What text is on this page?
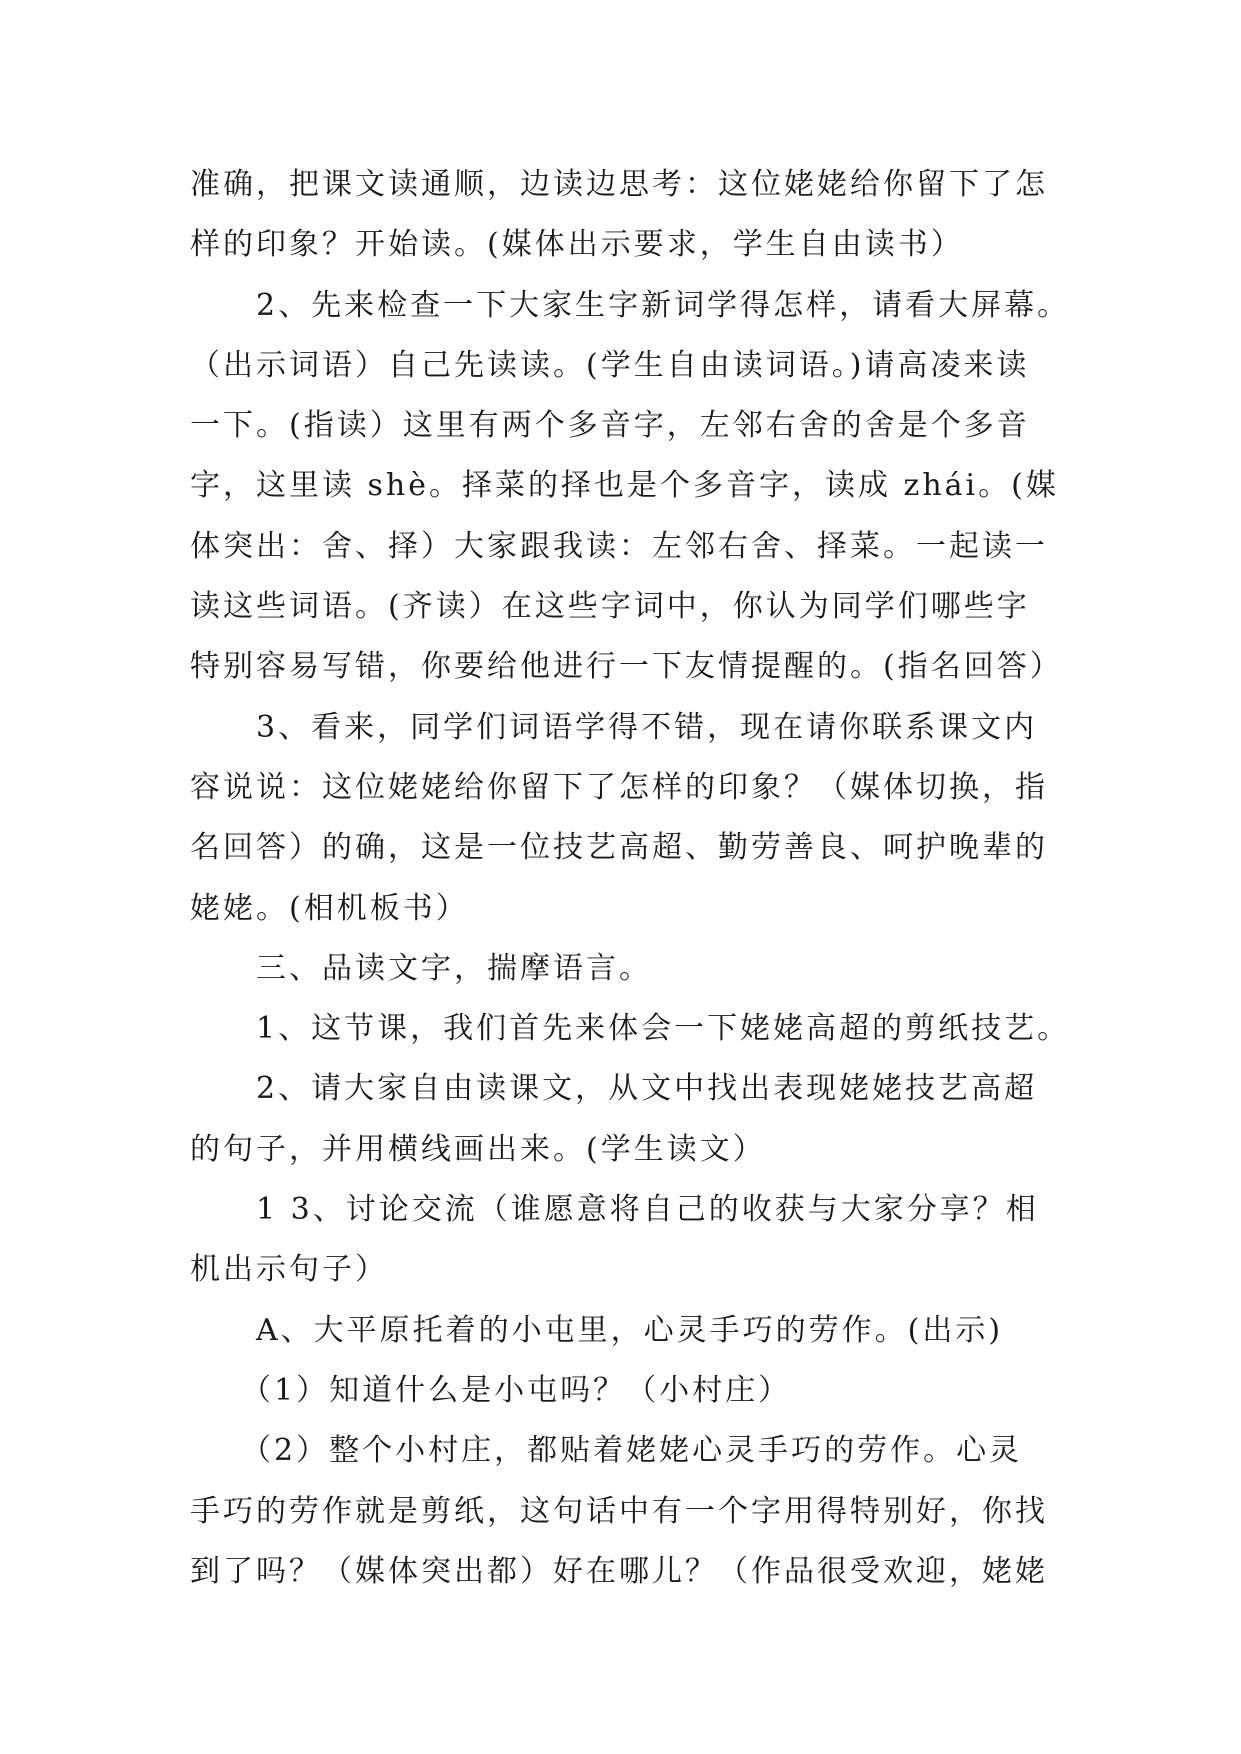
准确，把课文读通顺，边读边思考：这位姥姥给你留下了怎
样的印象？开始读。(媒体出示要求，学生自由读书）
　　2、先来检查一下大家生字新词学得怎样，请看大屏幕。
（出示词语）自己先读读。(学生自由读词语。)请高凌来读
一下。(指读）这里有两个多音字，左邻右舍的舍是个多音
字，这里读 shè。择菜的择也是个多音字，读成 zhái。(媒
体突出：舍、择）大家跟我读：左邻右舍、择菜。一起读一
读这些词语。(齐读）在这些字词中，你认为同学们哪些字
特别容易写错，你要给他进行一下友情提醒的。(指名回答）
　　3、看来，同学们词语学得不错，现在请你联系课文内
容说说：这位姥姥给你留下了怎样的印象？（媒体切换，指
名回答）的确，这是一位技艺高超、勤劳善良、呵护晚辈的
姥姥。(相机板书）
　　三、品读文字，揣摩语言。
　　1、这节课，我们首先来体会一下姥姥高超的剪纸技艺。
　　2、请大家自由读课文，从文中找出表现姥姥技艺高超
的句子，并用横线画出来。(学生读文）
　　1 3、讨论交流（谁愿意将自己的收获与大家分享？相
机出示句子）
　　A、大平原托着的小屯里，心灵手巧的劳作。(出示)
　　（1）知道什么是小屯吗？（小村庄）
　　（2）整个小村庄，都贴着姥姥心灵手巧的劳作。心灵
手巧的劳作就是剪纸，这句话中有一个字用得特别好，你找
到了吗？（媒体突出都）好在哪儿？（作品很受欢迎，姥姥
